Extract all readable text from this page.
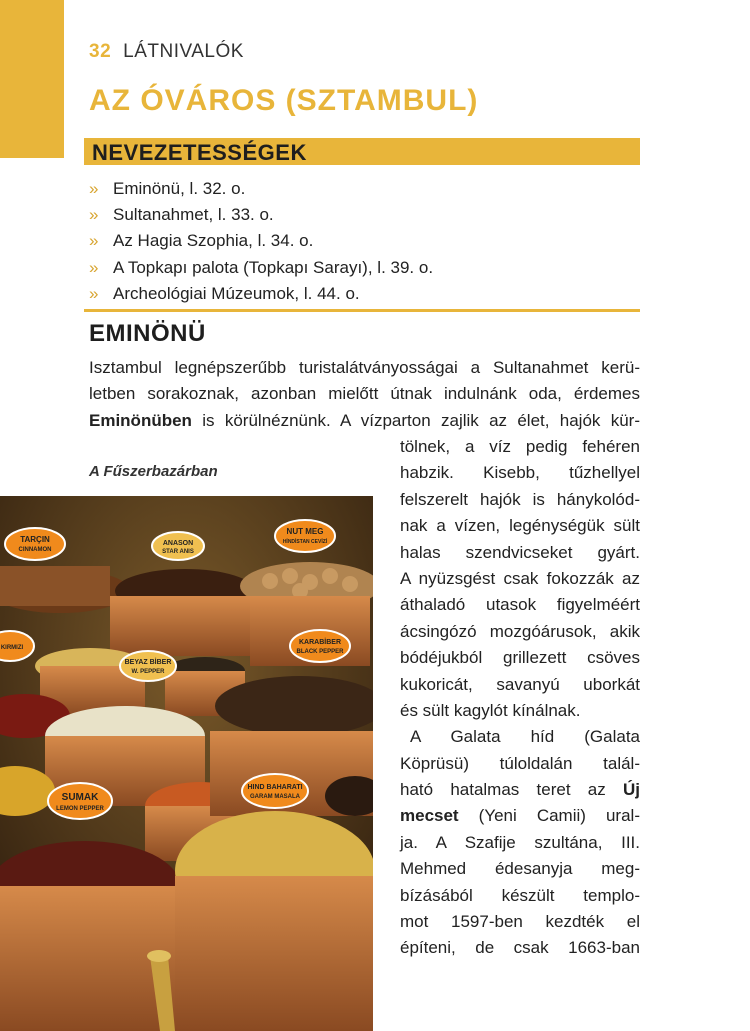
32 LÁTNIVALÓK
AZ ÓVÁROS (SZTAMBUL)
NEVEZETESSÉGEK
» Eminönü, l. 32. o.
» Sultanahmet, l. 33. o.
» Az Hagia Szophia, l. 34. o.
» A Topkapı palota (Topkapı Sarayı), l. 39. o.
» Archeológiai Múzeumok, l. 44. o.
EMINÖNÜ
Isztambul legnépszerűbb turistalátványosságai a Sultanahmet kerü-
letben sorakoznak, azonban mielőtt útnak indulnánk oda, érdemes
Eminönüben is körülnéznünk. A vízparton zajlik az élet, hajók kür-
A Fűszerbazárban
tölnek, a víz pedig fehéren
habzik. Kisebb, tűzhellyel
felszerelt hajók is hánykolód-
nak a vízen, legénységük sült
halas szendvicseket gyárt.
A nyüzsgést csak fokozzák az
áthaladó utasok figyelméért
ácsingózó mozgóárusok, akik
bódéjukból grillezett csöves
kukoricát, savanyú uborkát
és sült kagylót kínálnak.
A Galata híd (Galata
Köprüsü) túloldalán talál-
ható hatalmas teret az Új
mecset (Yeni Camii) ural-
ja. A Szafije szultána, III.
Mehmed édesanyja meg-
bízásából készült templo-
mot 1597-ben kezdték el
építeni, de csak 1663-ban
TARÇIN
CINNAMON
ANASON
STAR ANIS
NUT MEG
HİNDİSTAN CEVİZİ
KARABİBER
BLACK PEPPER
BEYAZ BİBER
W. PEPPER
KIRMIZI
HIND BAHARATI
GARAM MASALA
SUMAK
LEMON PEPPER
